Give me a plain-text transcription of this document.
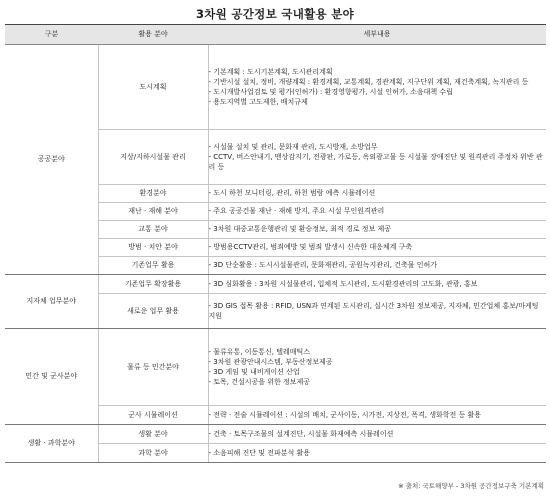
3차원 공간정보 국내활용 분야
구분	활용 분야	세부내용
공공분야	도시계획	- 기본계획 : 도시기본계획, 도시관리계획
- 기반시설 설치, 정비, 개량계획 : 환경계획, 교통계획, 경관계획, 지구단위 계획, 재건축계획, 녹지관리 등
- 도시개발사업검토 및 평가(인허가) : 환경영향평가, 시설 인허가, 소음대책 수립
- 용도지역별 고도제한, 배치규제

	지상/지하시설물 관리	- 시설물 설치 및 관리, 문화재 관리, 도시방재, 소방업무
- CCTV, 버스안내기, 맨상감지기, 전광판, 가로등, 옥외광고물 등 시설물 장애진단 및 원격관리 주정차 위반 관리 등

	환경분야	- 도시 하천 모니터링, 관리, 하천 범람 예측 시뮬레이션
	재난 · 재해 분야	- 주요 공공건물 재난 · 재해 방지, 주요 시설 무인원격관리
	교통 분야	- 3차원 대중교통운행관리 및 환승정보, 최적 경로 정보 제공
	방범 · 치안 분야	- 방범용CCTV관리, 범죄예방 및 범죄 발생시 신속한 대응체계 구축
	기존업무 활용	- 3D 단순활용 : 도시시설물관리, 문화재관리, 공원녹지관리, 건축물 인허가
지자체 업무분야	기존업무 확장활용	- 3D 심화활용 : 3차원 시설물관리, 입체적 도시관리, 도시환경관리의 고도화, 관광, 홍보
	새로운 업무 활용	- 3D GIS 접목 활용 : RFID, USN과 연계된 도시관리, 실시간 3차원 정보제공, 지자체, 민간업체 홍보/마케팅 지원
민간 및 군사분야	물류 등 민간분야	- 물류유통, 이동통신, 텔레매틱스
- 3차원 관광안내시스템, 부동산정보제공
- 3D 게임 및 내비게이션 산업
- 토목, 건설시공을 위한 정보제공

	군사 시뮬레이션	- 전략 · 전술 시뮬레이션 : 시설의 배치, 군사이동, 시가전, 지상전, 폭격, 생화학전 등 활용
생활 · 과학분야	생활 분야	- 건축 · 토목구조물의 설계진단, 시설물 화재예측 시뮬레이션
	과학 분야	- 소음피해 진단 및 전파분석 활용
※ 출처: 국토해양부 - 3차원 공간정보구축 기본계획
